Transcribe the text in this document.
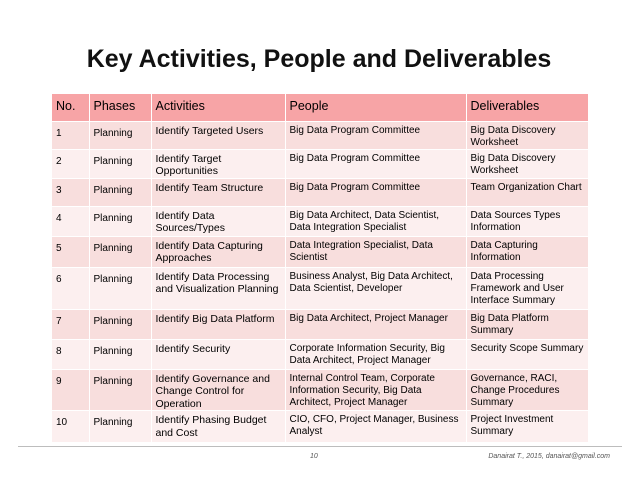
Key Activities, People and Deliverables
No.	Phases	Activities	People	Deliverables
1	Planning	Identify Targeted Users	Big Data Program Committee	Big Data Discovery Worksheet
2	Planning	Identify Target Opportunities	Big Data Program Committee	Big Data Discovery Worksheet
3	Planning	Identify Team Structure	Big Data Program Committee	Team Organization Chart
4	Planning	Identify Data Sources/Types	Big Data Architect, Data Scientist, Data Integration Specialist	Data Sources Types Information
5	Planning	Identify Data Capturing Approaches	Data Integration Specialist, Data Scientist	Data Capturing Information
6	Planning	Identify Data Processing and Visualization Planning	Business Analyst, Big Data Architect, Data Scientist, Developer	Data Processing Framework and User Interface Summary
7	Planning	Identify Big Data Platform	Big Data Architect, Project Manager	Big Data Platform Summary
8	Planning	Identify Security	Corporate Information Security, Big Data Architect, Project Manager	Security Scope Summary
9	Planning	Identify Governance and Change Control for Operation	Internal Control Team, Corporate Information Security, Big Data Architect, Project Manager	Governance, RACI, Change Procedures Summary
10	Planning	Identify Phasing Budget and Cost	CIO, CFO, Project Manager, Business Analyst	Project Investment Summary
10	Danairat T., 2015, danairat@gmail.com
